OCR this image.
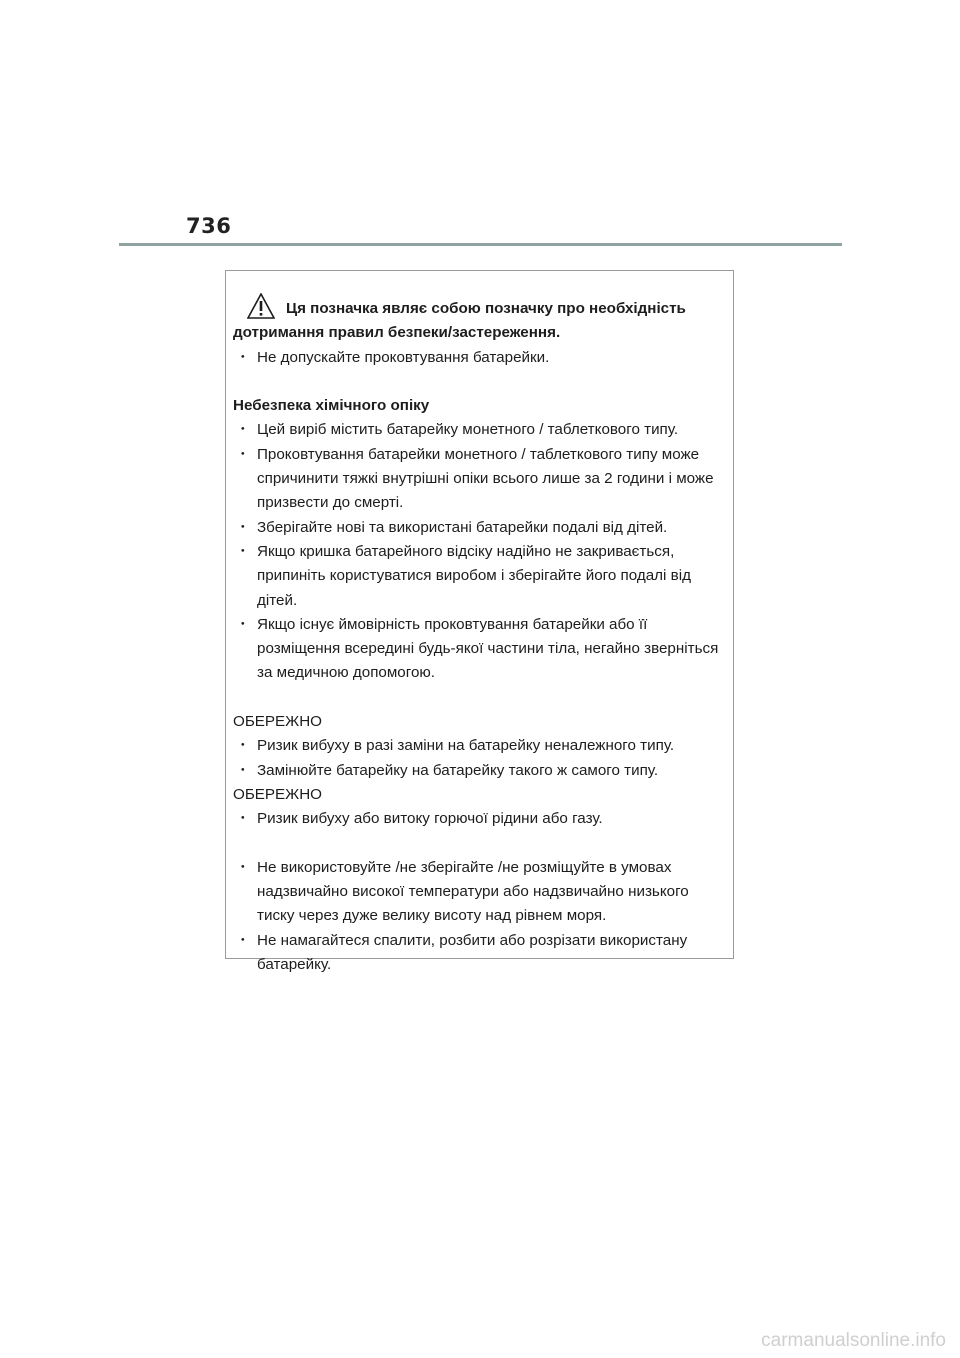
736
Ця позначка являє собою позначку про необхідність
дотримання правил безпеки/застереження.
･ Не допускайте проковтування батарейки.
Небезпека хімічного опіку
･ Цей виріб містить батарейку монетного / таблеткового типу.
･ Проковтування батарейки монетного / таблеткового типу може спричинити тяжкі внутрішні опіки всього лише за 2 години і може призвести до смерті.
･ Зберігайте нові та використані батарейки подалі від дітей.
･ Якщо кришка батарейного відсіку надійно не закривається, припиніть користуватися виробом і зберігайте його подалі від дітей.
･ Якщо існує ймовірність проковтування батарейки або її розміщення всередині будь-якої частини тіла, негайно зверніться за медичною допомогою.
ОБЕРЕЖНО
･ Ризик вибуху в разі заміни на батарейку неналежного типу.
･ Замінюйте батарейку на батарейку такого ж самого типу.
ОБЕРЕЖНО
･ Ризик вибуху або витоку горючої рідини або газу.
･ Не використовуйте /не зберігайте /не розміщуйте в умовах надзвичайно високої температури або надзвичайно низького тиску через дуже велику висоту над рівнем моря.
･ Не намагайтеся спалити, розбити або розрізати використану батарейку.
carmanualsonline.info
